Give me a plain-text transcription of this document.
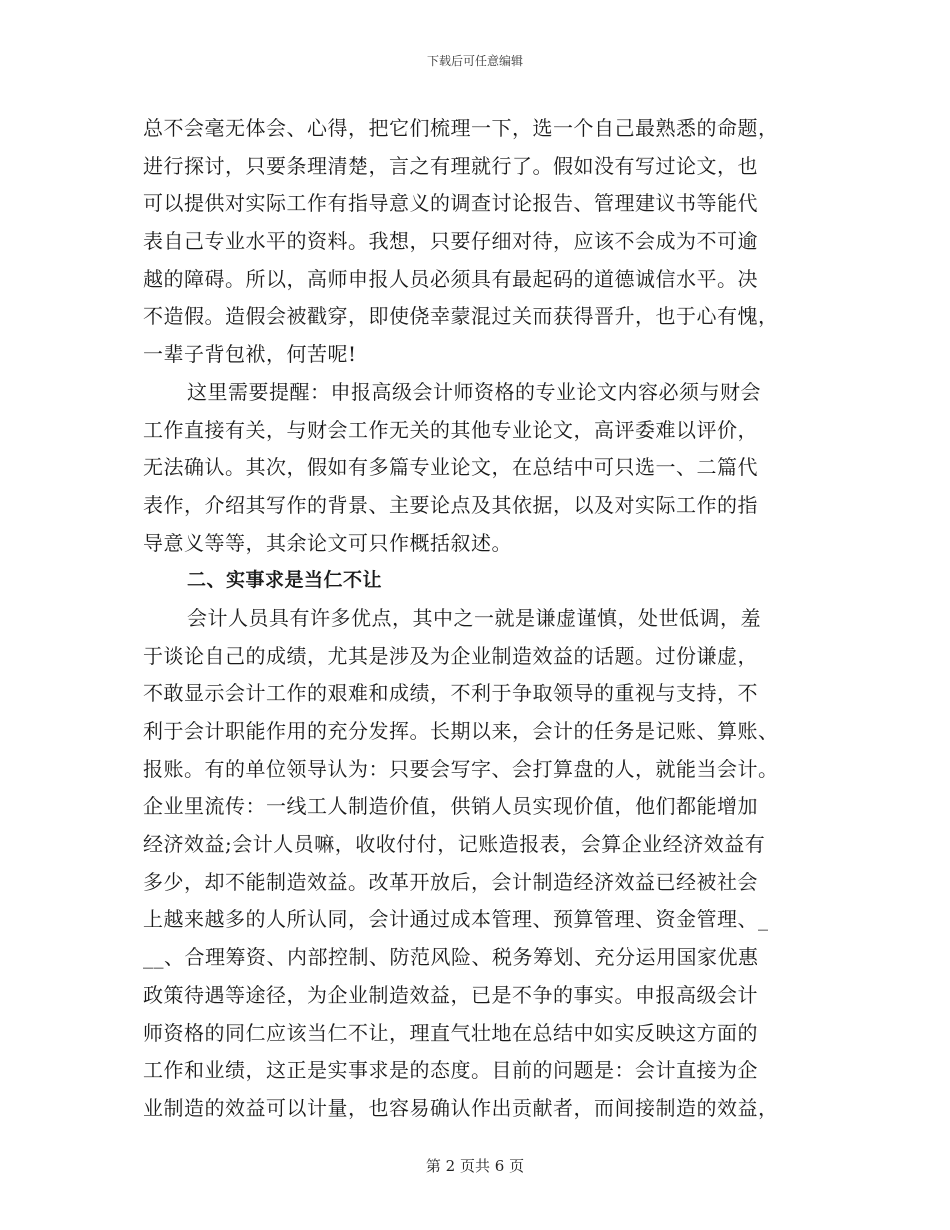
下载后可任意编辑
总不会毫无体会、心得，把它们梳理一下，选一个自己最熟悉的命题，
进行探讨，只要条理清楚，言之有理就行了。假如没有写过论文，也
可以提供对实际工作有指导意义的调查讨论报告、管理建议书等能代
表自己专业水平的资料。我想，只要仔细对待，应该不会成为不可逾
越的障碍。所以，高师申报人员必须具有最起码的道德诚信水平。决
不造假。造假会被戳穿，即使侥幸蒙混过关而获得晋升，也于心有愧，
一辈子背包袱，何苦呢!
这里需要提醒：申报高级会计师资格的专业论文内容必须与财会
工作直接有关，与财会工作无关的其他专业论文，高评委难以评价，
无法确认。其次，假如有多篇专业论文，在总结中可只选一、二篇代
表作，介绍其写作的背景、主要论点及其依据，以及对实际工作的指
导意义等等，其余论文可只作概括叙述。
二、实事求是当仁不让
会计人员具有许多优点，其中之一就是谦虚谨慎，处世低调，羞
于谈论自己的成绩，尤其是涉及为企业制造效益的话题。过份谦虚，
不敢显示会计工作的艰难和成绩，不利于争取领导的重视与支持，不
利于会计职能作用的充分发挥。长期以来，会计的任务是记账、算账、
报账。有的单位领导认为：只要会写字、会打算盘的人，就能当会计。
企业里流传：一线工人制造价值，供销人员实现价值，他们都能增加
经济效益;会计人员嘛，收收付付，记账造报表，会算企业经济效益有
多少，却不能制造效益。改革开放后，会计制造经济效益已经被社会
上越来越多的人所认同，会计通过成本管理、预算管理、资金管理、_
__、合理筹资、内部控制、防范风险、税务筹划、充分运用国家优惠
政策待遇等途径，为企业制造效益，已是不争的事实。申报高级会计
师资格的同仁应该当仁不让，理直气壮地在总结中如实反映这方面的
工作和业绩，这正是实事求是的态度。目前的问题是：会计直接为企
业制造的效益可以计量，也容易确认作出贡献者，而间接制造的效益，
第 2 页共 6 页
